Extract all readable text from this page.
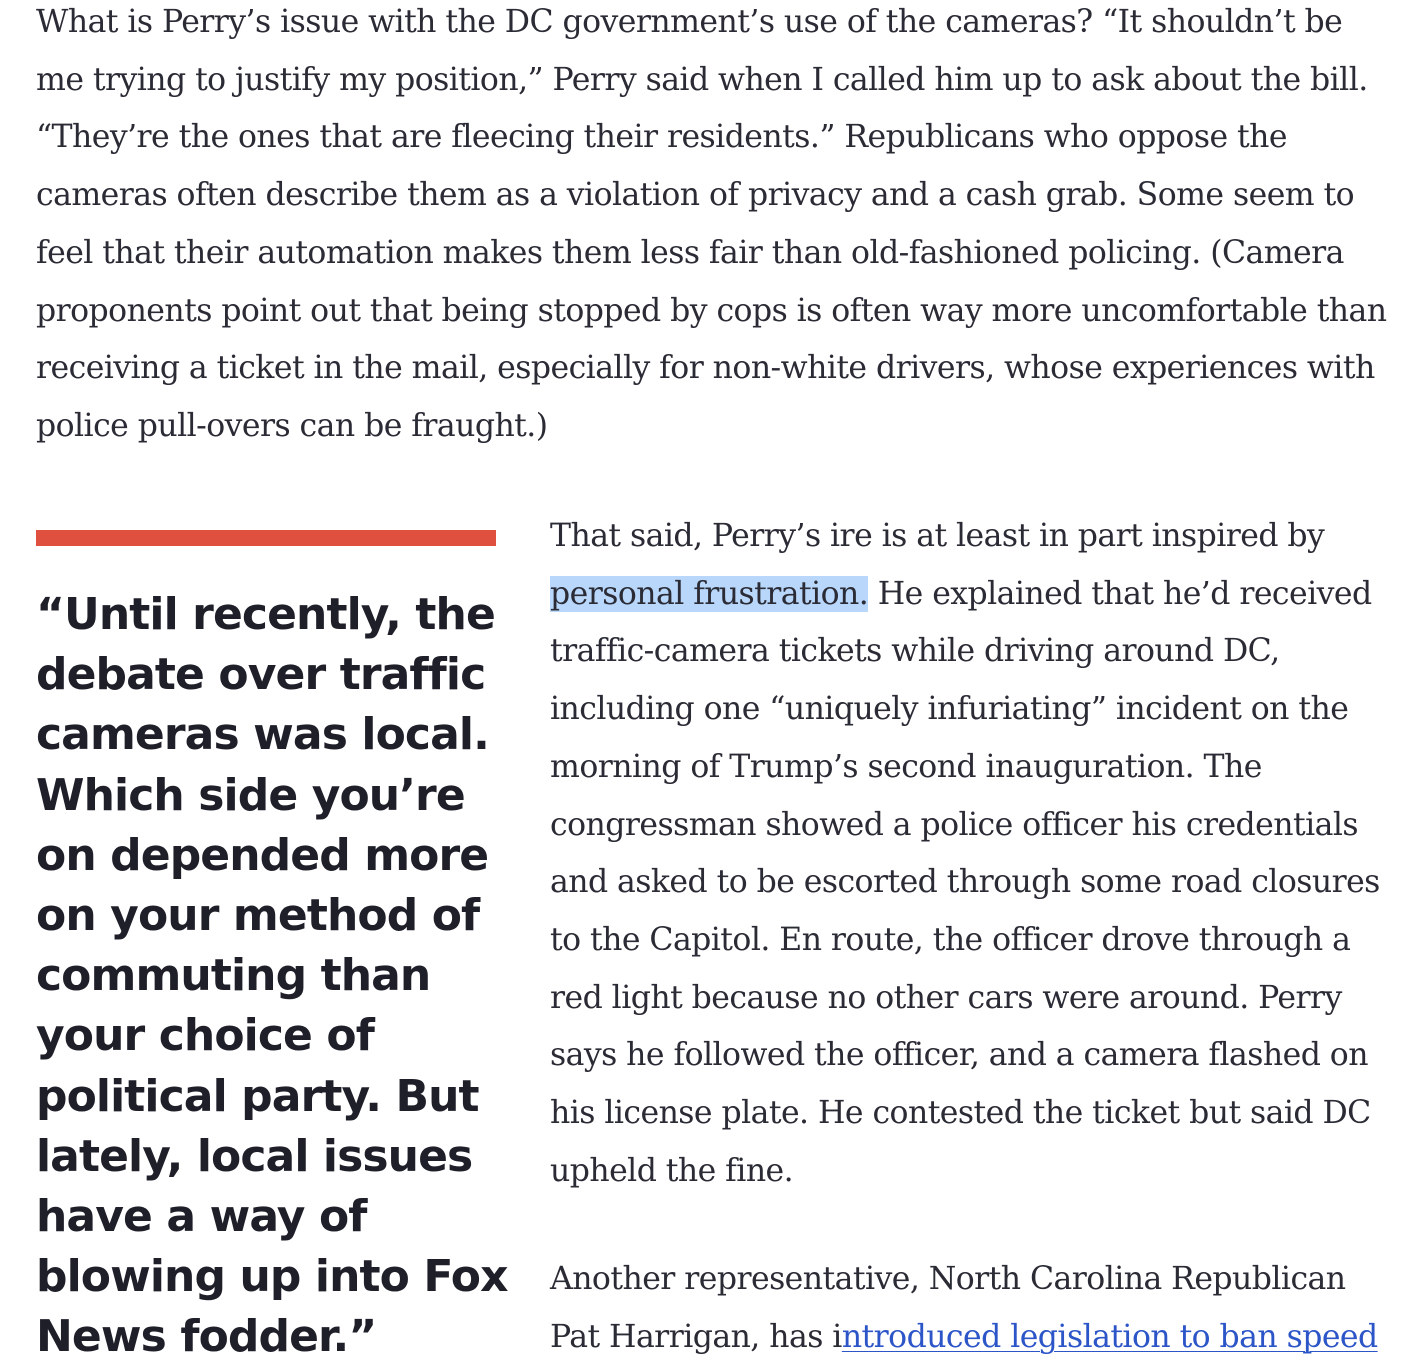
What is Perry’s issue with the DC government’s use of the cameras? “It shouldn’t be me trying to justify my position,” Perry said when I called him up to ask about the bill. “They’re the ones that are fleecing their residents.” Republicans who oppose the cameras often describe them as a violation of privacy and a cash grab. Some seem to feel that their automation makes them less fair than old-fashioned policing. (Camera proponents point out that being stopped by cops is often way more uncomfortable than receiving a ticket in the mail, especially for non-white drivers, whose experiences with police pull-overs can be fraught.)

“Until recently, the debate over traffic cameras was local. Which side you’re on depended more on your method of commuting than your choice of political party. But lately, local issues have a way of blowing up into Fox News fodder.”

That said, Perry’s ire is at least in part inspired by personal frustration. He explained that he’d received traffic-camera tickets while driving around DC, including one “uniquely infuriating” incident on the morning of Trump’s second inauguration. The congressman showed a police officer his credentials and asked to be escorted through some road closures to the Capitol. En route, the officer drove through a red light because no other cars were around. Perry says he followed the officer, and a camera flashed on his license plate. He contested the ticket but said DC upheld the fine.

Another representative, North Carolina Republican Pat Harrigan, has introduced legislation to ban speed
